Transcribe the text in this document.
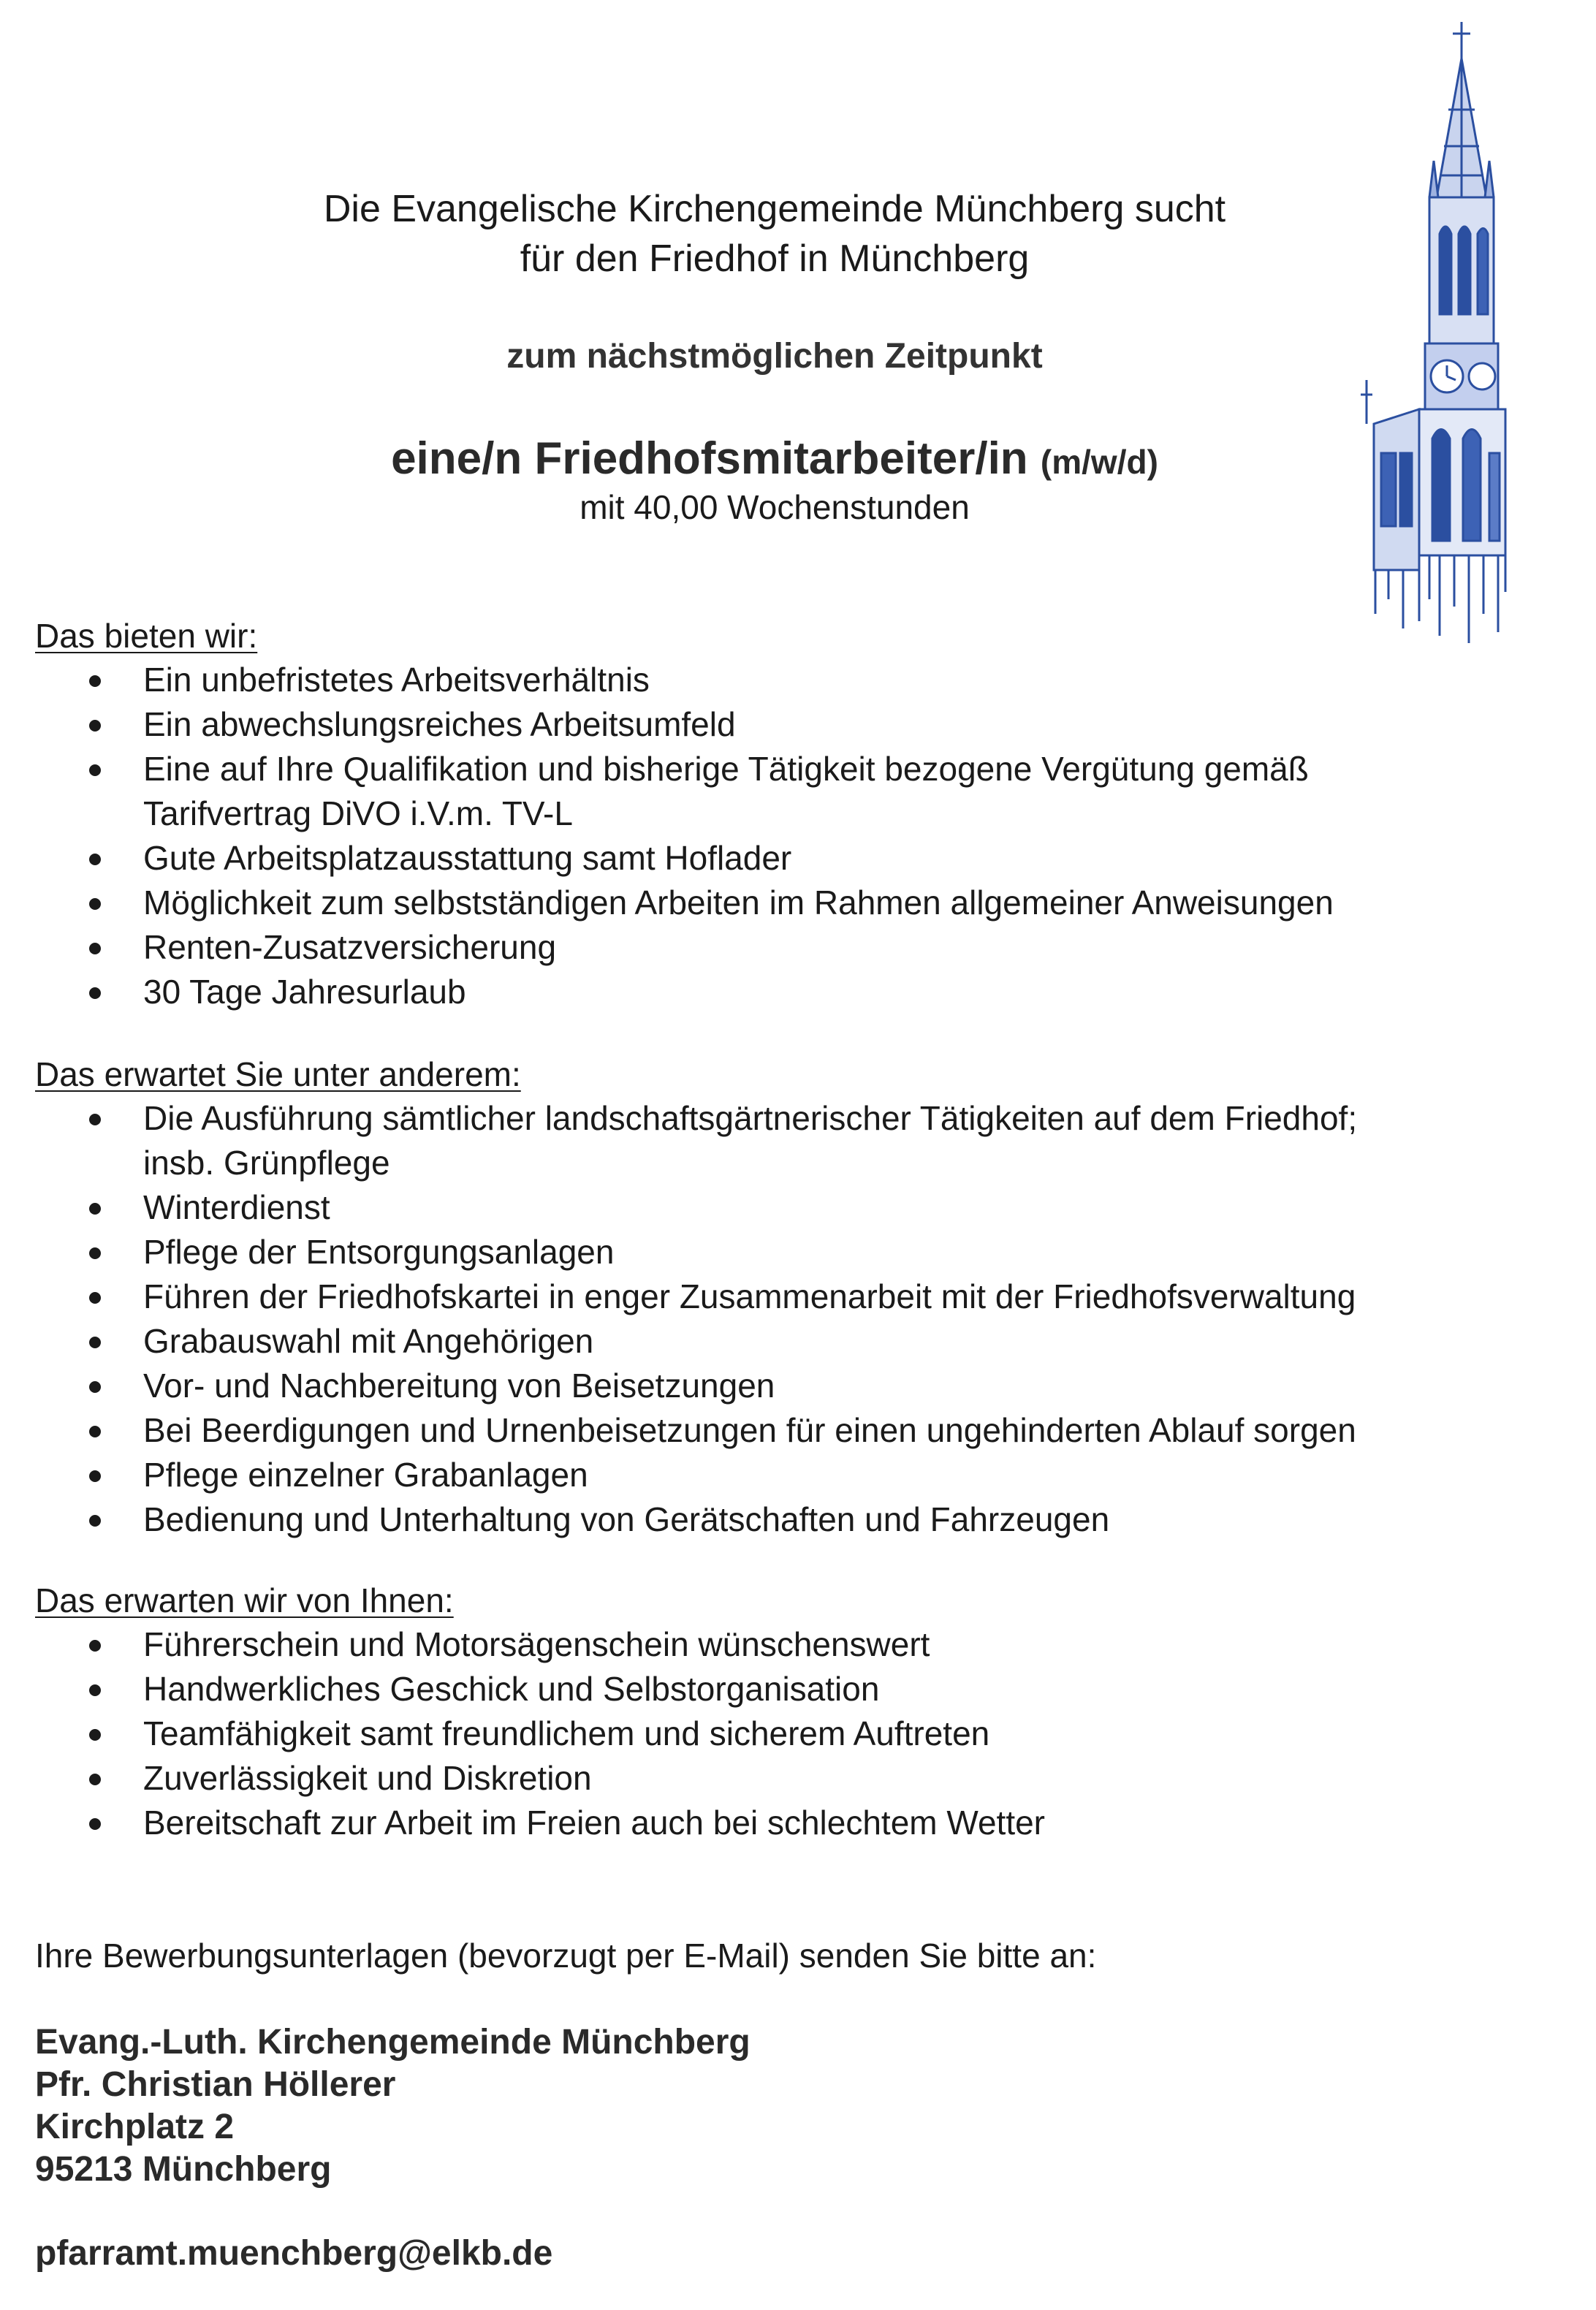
Die Evangelische Kirchengemeinde Münchberg sucht
für den Friedhof in Münchberg
zum nächstmöglichen Zeitpunkt
eine/n Friedhofsmitarbeiter/in (m/w/d)
mit 40,00 Wochenstunden

Das bieten wir:

Ein unbefristetes Arbeitsverhältnis
Ein abwechslungsreiches Arbeitsumfeld
Eine auf Ihre Qualifikation und bisherige Tätigkeit bezogene Vergütung gemäß
Tarifvertrag DiVO i.V.m. TV-L
Gute Arbeitsplatzausstattung samt Hoflader
Möglichkeit zum selbstständigen Arbeiten im Rahmen allgemeiner Anweisungen
Renten-Zusatzversicherung
30 Tage Jahresurlaub

Das erwartet Sie unter anderem:

Die Ausführung sämtlicher landschaftsgärtnerischer Tätigkeiten auf dem Friedhof;
insb. Grünpflege
Winterdienst
Pflege der Entsorgungsanlagen
Führen der Friedhofskartei in enger Zusammenarbeit mit der Friedhofsverwaltung
Grabauswahl mit Angehörigen
Vor- und Nachbereitung von Beisetzungen
Bei Beerdigungen und Urnenbeisetzungen für einen ungehinderten Ablauf sorgen
Pflege einzelner Grabanlagen
Bedienung und Unterhaltung von Gerätschaften und Fahrzeugen

Das erwarten wir von Ihnen:

Führerschein und Motorsägenschein wünschenswert
Handwerkliches Geschick und Selbstorganisation
Teamfähigkeit samt freundlichem und sicherem Auftreten
Zuverlässigkeit und Diskretion
Bereitschaft zur Arbeit im Freien auch bei schlechtem Wetter
Ihre Bewerbungsunterlagen (bevorzugt per E-Mail) senden Sie bitte an:
Evang.-Luth. Kirchengemeinde Münchberg
Pfr. Christian Höllerer
Kirchplatz 2
95213 Münchberg
pfarramt.muenchberg@elkb.de
